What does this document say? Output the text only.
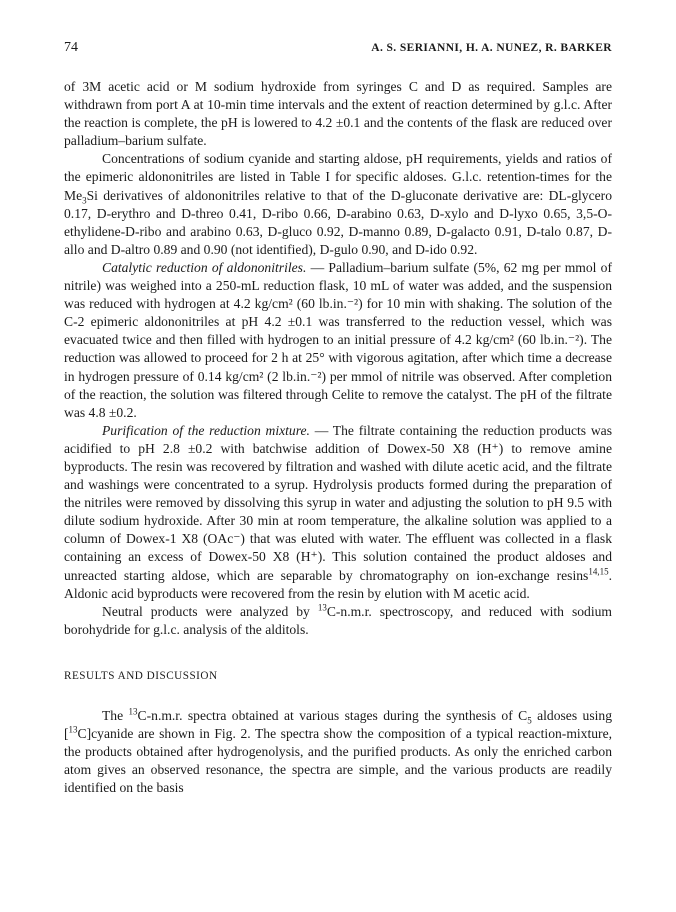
74	A. S. SERIANNI, H. A. NUNEZ, R. BARKER

of 3M acetic acid or M sodium hydroxide from syringes C and D as required. Samples are withdrawn from port A at 10-min time intervals and the extent of reaction determined by g.l.c. After the reaction is complete, the pH is lowered to 4.2 ±0.1 and the contents of the flask are reduced over palladium–barium sulfate.

Concentrations of sodium cyanide and starting aldose, pH requirements, yields and ratios of the epimeric aldononitriles are listed in Table I for specific aldoses. G.l.c. retention-times for the $Me_3Si$ derivatives of aldononitriles relative to that of the D-gluconate derivative are: DL-glycero 0.17, D-erythro and D-threo 0.41, D-ribo 0.66, D-arabino 0.63, D-xylo and D-lyxo 0.65, 3,5-O-ethylidene-D-ribo and arabino 0.63, D-gluco 0.92, D-manno 0.89, D-galacto 0.91, D-talo 0.87, D-allo and D-altro 0.89 and 0.90 (not identified), D-gulo 0.90, and D-ido 0.92.

Catalytic reduction of aldononitriles. — Palladium–barium sulfate (5%, 62 mg per mmol of nitrile) was weighed into a 250-mL reduction flask, 10 mL of water was added, and the suspension was reduced with hydrogen at 4.2 kg/cm² (60 lb.in.⁻²) for 10 min with shaking. The solution of the C-2 epimeric aldononitriles at pH 4.2 ±0.1 was transferred to the reduction vessel, which was evacuated twice and then filled with hydrogen to an initial pressure of 4.2 kg/cm² (60 lb.in.⁻²). The reduction was allowed to proceed for 2 h at 25° with vigorous agitation, after which time a decrease in hydrogen pressure of 0.14 kg/cm² (2 lb.in.⁻²) per mmol of nitrile was observed. After completion of the reaction, the solution was filtered through Celite to remove the catalyst. The pH of the filtrate was 4.8 ±0.2.

Purification of the reduction mixture. — The filtrate containing the reduction products was acidified to pH 2.8 ±0.2 with batchwise addition of Dowex-50 X8 (H⁺) to remove amine byproducts. The resin was recovered by filtration and washed with dilute acetic acid, and the filtrate and washings were concentrated to a syrup. Hydrolysis products formed during the preparation of the nitriles were removed by dissolving this syrup in water and adjusting the solution to pH 9.5 with dilute sodium hydroxide. After 30 min at room temperature, the alkaline solution was applied to a column of Dowex-1 X8 (OAc⁻) that was eluted with water. The effluent was collected in a flask containing an excess of Dowex-50 X8 (H⁺). This solution contained the product aldoses and unreacted starting aldose, which are separable by chromatography on ion-exchange resins$^{14,15}$. Aldonic acid byproducts were recovered from the resin by elution with M acetic acid.

Neutral products were analyzed by $^{13}$C-n.m.r. spectroscopy, and reduced with sodium borohydride for g.l.c. analysis of the alditols.

RESULTS AND DISCUSSION

The $^{13}$C-n.m.r. spectra obtained at various stages during the synthesis of $C_5$ aldoses using [$^{13}$C]cyanide are shown in Fig. 2. The spectra show the composition of a typical reaction-mixture, the products obtained after hydrogenolysis, and the purified products. As only the enriched carbon atom gives an observed resonance, the spectra are simple, and the various products are readily identified on the basis
